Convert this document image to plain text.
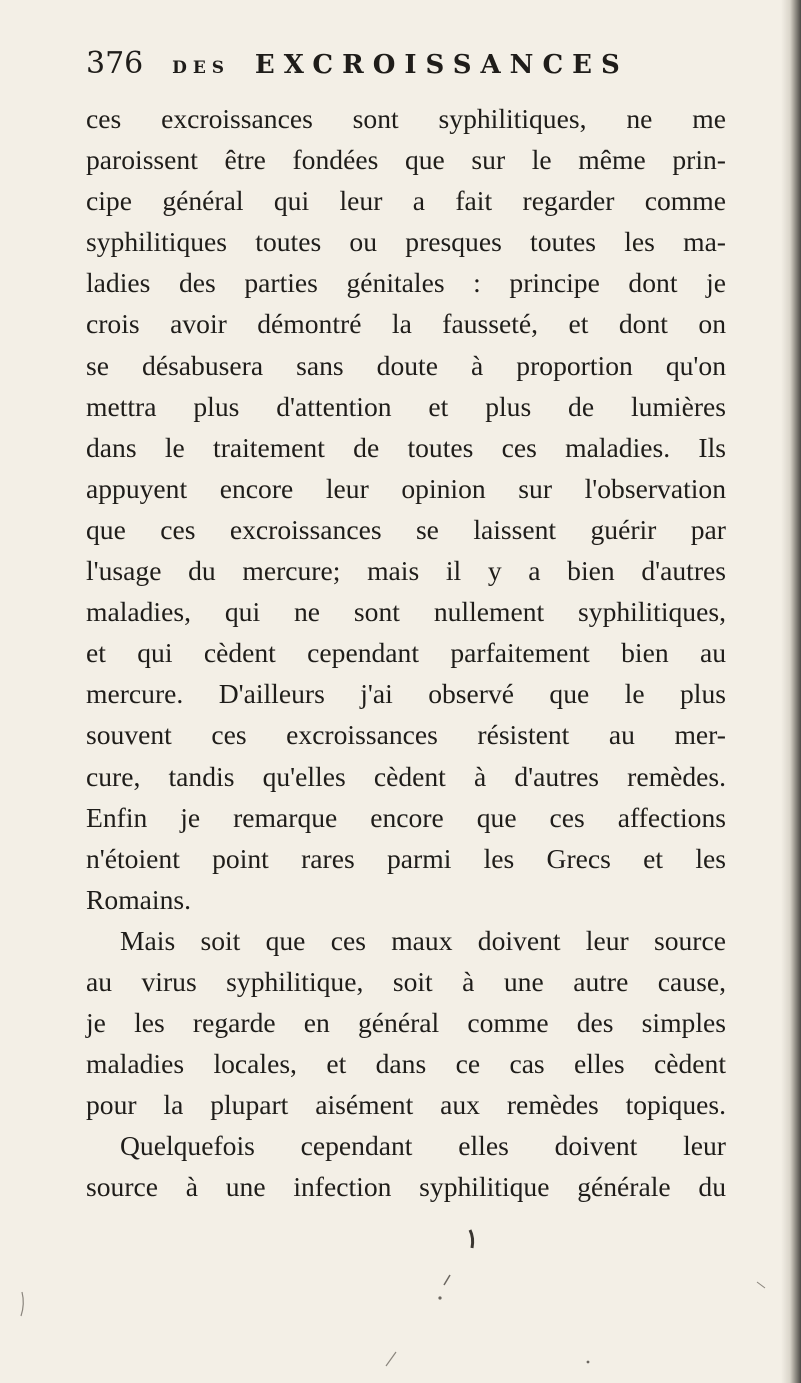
376 DES EXCROISSANCES
ces excroissances sont syphilitiques, ne me
paroissent être fondées que sur le même prin-
cipe général qui leur a fait regarder comme
syphilitiques toutes ou presques toutes les ma-
ladies des parties génitales : principe dont je
crois avoir démontré la fausseté, et dont on
se désabusera sans doute à proportion qu'on
mettra plus d'attention et plus de lumières
dans le traitement de toutes ces maladies. Ils
appuyent encore leur opinion sur l'observation
que ces excroissances se laissent guérir par
l'usage du mercure; mais il y a bien d'autres
maladies, qui ne sont nullement syphilitiques,
et qui cèdent cependant parfaitement bien au
mercure. D'ailleurs j'ai observé que le plus
souvent ces excroissances résistent au mer-
cure, tandis qu'elles cèdent à d'autres remèdes.
Enfin je remarque encore que ces affections
n'étoient point rares parmi les Grecs et les
Romains.
Mais soit que ces maux doivent leur source
au virus syphilitique, soit à une autre cause,
je les regarde en général comme des simples
maladies locales, et dans ce cas elles cèdent
pour la plupart aisément aux remèdes topiques.
Quelquefois cependant elles doivent leur
source à une infection syphilitique générale du
